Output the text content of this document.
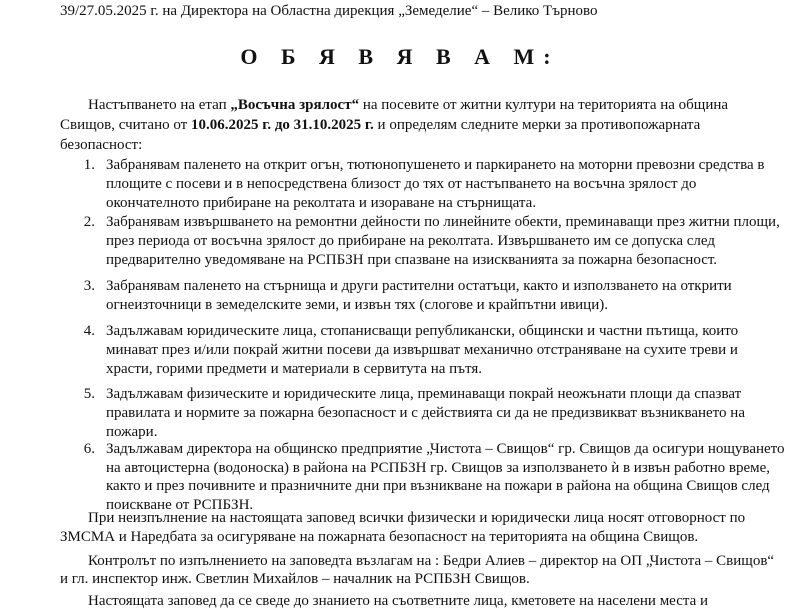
39/27.05.2025 г. на Директора на Областна дирекция „Земеделие“ – Велико Търново
О Б Я В Я В А М:
Настъпването на етап „Восъчна зрялост“ на посевите от житни култури на територията на община
Свищов, считано от 10.06.2025 г. до 31.10.2025 г. и определям следните мерки за противопожарната
безопасност:
1. Забранявам паленето на открит огън, тютюнопушенето и паркирането на моторни превозни средства в
площите с посеви и в непосредствена близост до тях от настъпването на восъчна зрялост до
окончателното прибиране на реколтата и изораване на стърнищата.
2. Забранявам извършването на ремонтни дейности по линейните обекти, преминаващи през житни площи,
през периода от восъчна зрялост до прибиране на реколтата. Извършването им се допуска след
предварително уведомяване на РСПБЗН при спазване на изискванията за пожарна безопасност.
3. Забранявам паленето на стърнища и други растителни остатъци, както и използването на открити
огнеизточници в земеделските земи, и извън тях (слогове и крайпътни ивици).
4. Задължавам юридическите лица, стопанисващи републикански, общински и частни пътища, които
минават през и/или покрай житни посеви да извършват механично отстраняване на сухите треви и
храсти, горими предмети и материали в сервитута на пътя.
5. Задължавам физическите и юридическите лица, преминаващи покрай неожънати площи да спазват
правилата и нормите за пожарна безопасност и с действията си да не предизвикват възникването на
пожари.
6. Задължавам директора на общинско предприятие „Чистота – Свищов“ гр. Свищов да осигури нощуването
на автоцистерна (водоноска) в района на РСПБЗН гр. Свищов за използването ѝ в извън работно време,
както и през почивните и празничните дни при възникване на пожари в района на община Свищов след
поискване от РСПБЗН.
При неизпълнение на настоящата заповед всички физически и юридически лица носят отговорност по
ЗМСМА и Наредбата за осигуряване на пожарната безопасност на територията на община Свищов.
Контролът по изпълнението на заповедта възлагам на : Бедри Алиев – директор на ОП „Чистота – Свищов“
и гл. инспектор инж. Светлин Михайлов – началник на РСПБЗН Свищов.
Настоящата заповед да се сведе до знанието на съответните лица, кметовете на населени места и
